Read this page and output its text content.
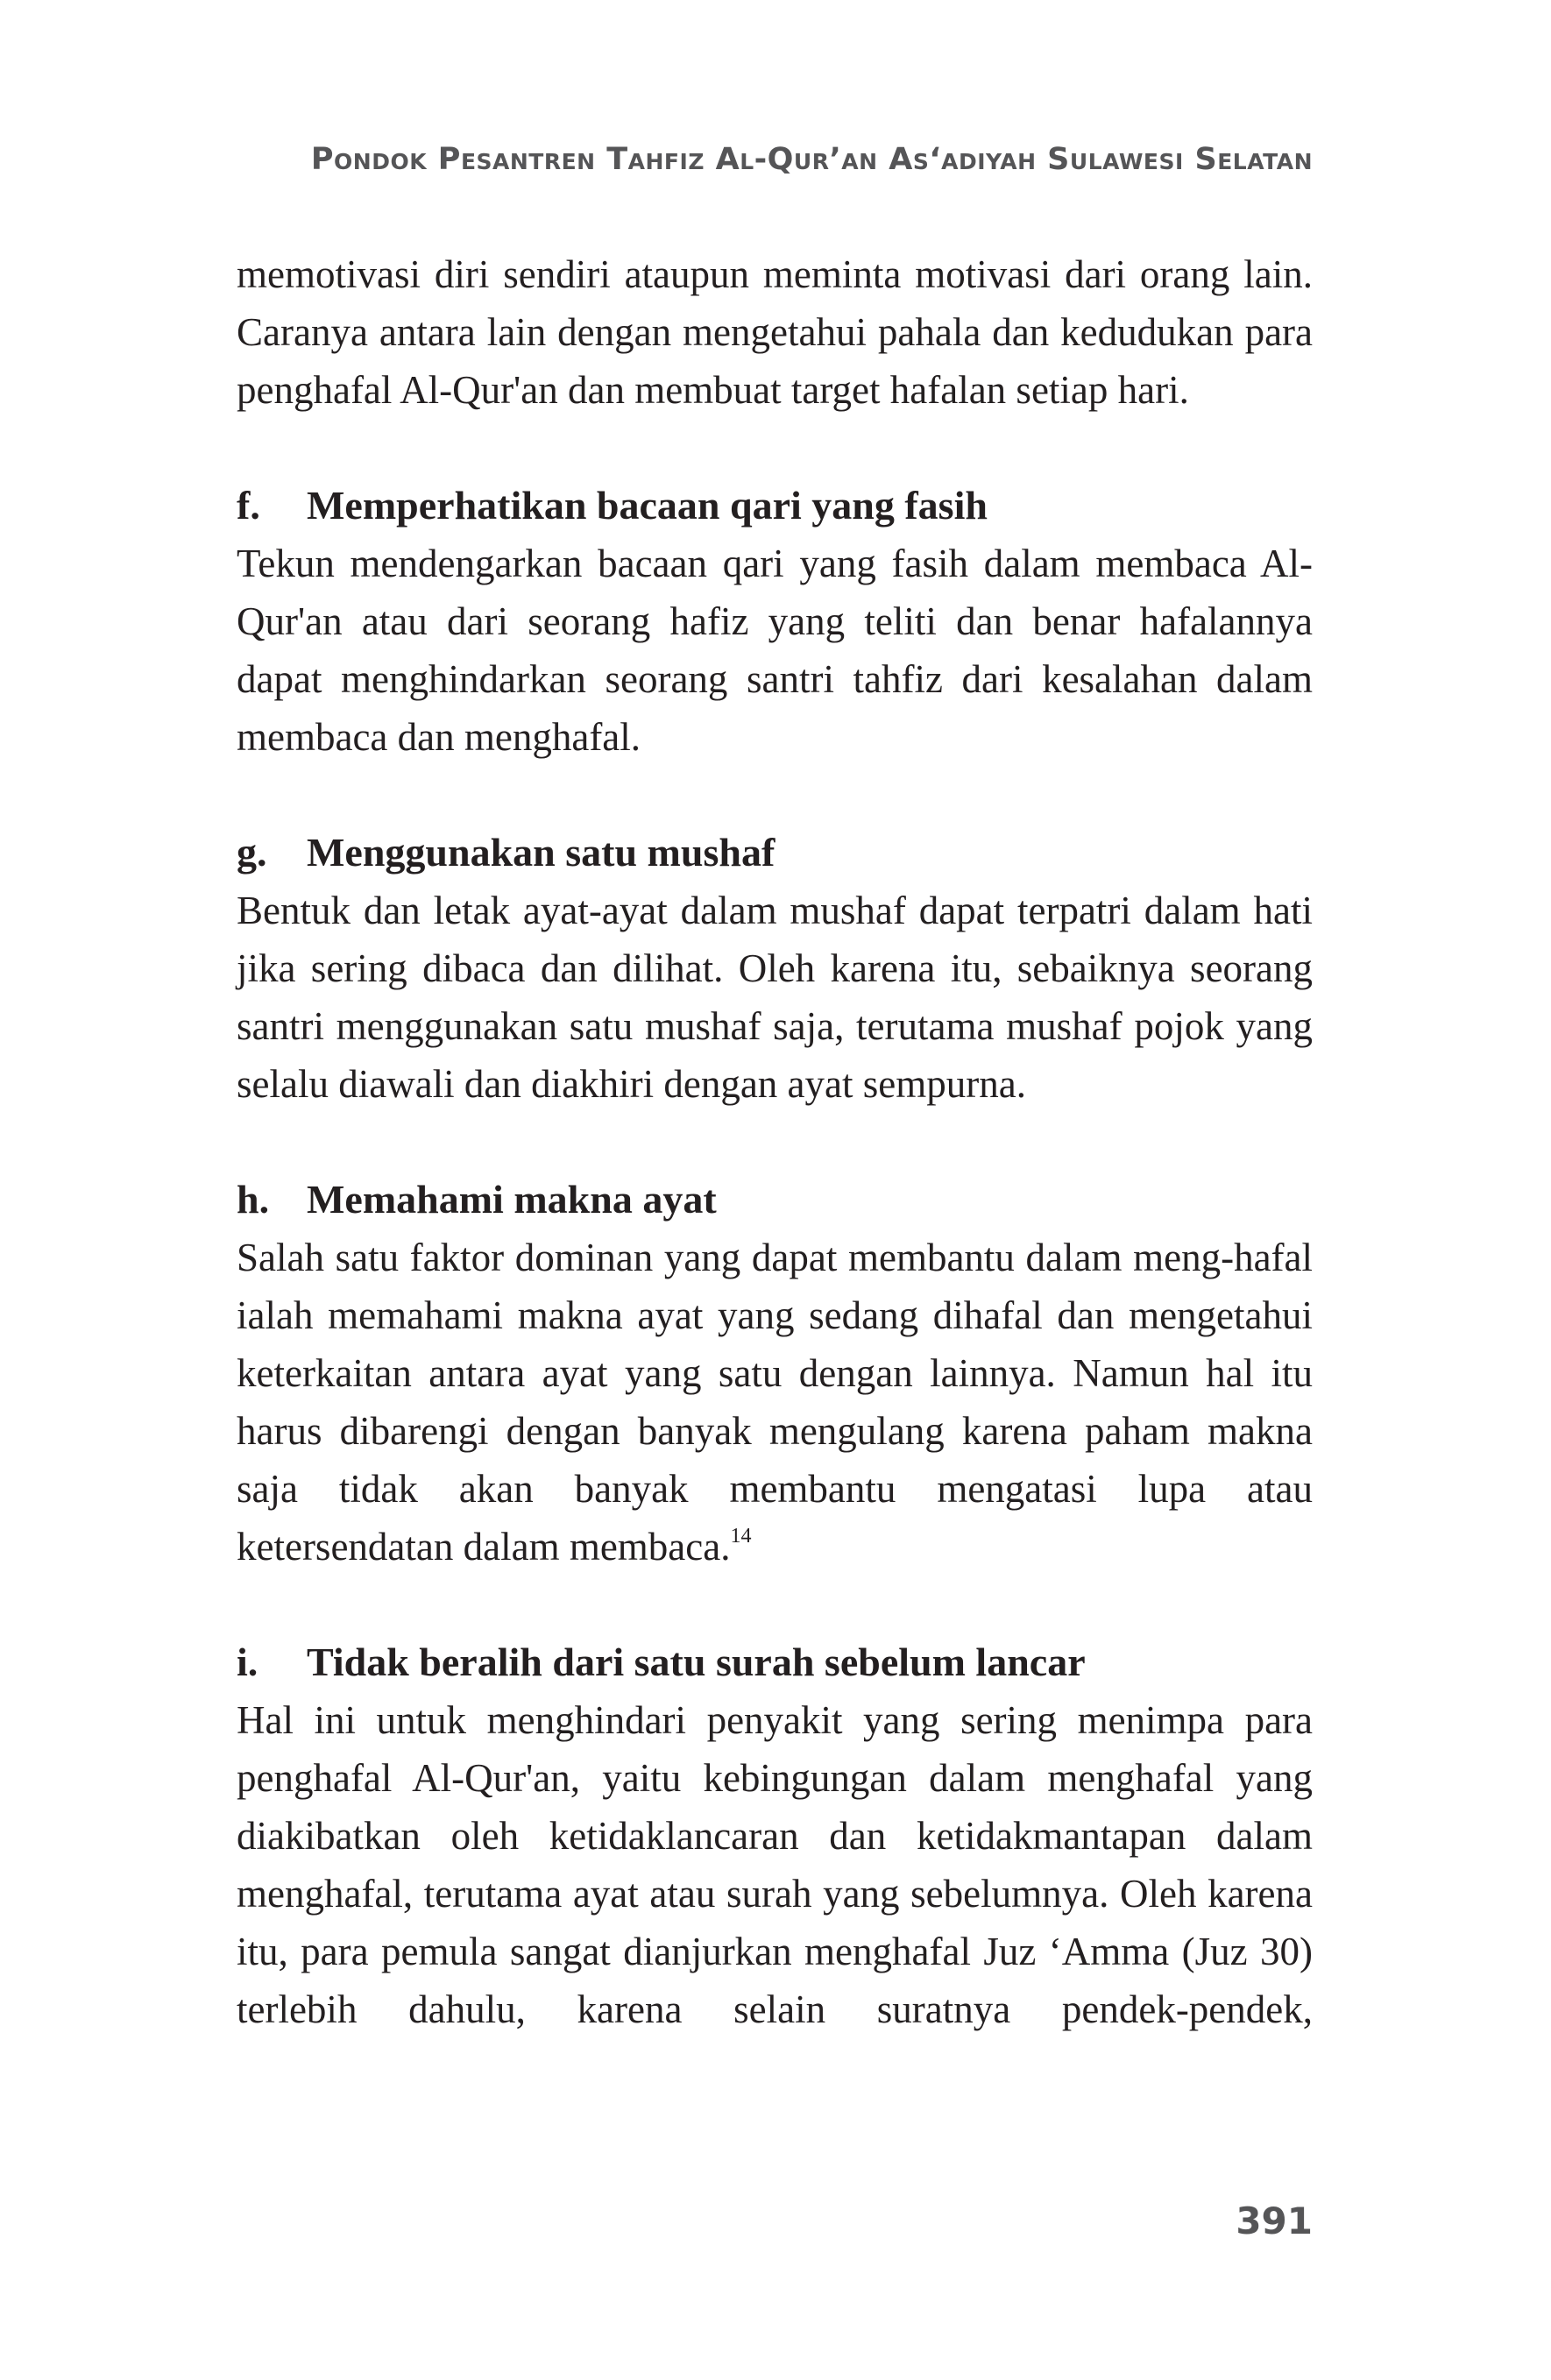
Pondok Pesantren Tahfiz Al-Qur’an As‘adiyah Sulawesi Selatan

memotivasi diri sendiri ataupun meminta motivasi dari orang lain. Caranya antara lain dengan mengetahui pahala dan kedudukan para penghafal Al-Qur'an dan membuat target hafalan setiap hari.

f.	Memperhatikan bacaan qari yang fasih

Tekun mendengarkan bacaan qari yang fasih dalam membaca Al-Qur'an atau dari seorang hafiz yang teliti dan benar hafalannya dapat menghindarkan seorang santri tahfiz dari kesalahan dalam membaca dan menghafal.

g. Menggunakan satu mushaf

Bentuk dan letak ayat-ayat dalam mushaf dapat terpatri dalam hati jika sering dibaca dan dilihat. Oleh karena itu, sebaiknya seorang santri menggunakan satu mushaf saja, terutama mushaf pojok yang selalu diawali dan diakhiri dengan ayat sempurna.

h. Memahami makna ayat

Salah satu faktor dominan yang dapat membantu dalam meng-hafal ialah memahami makna ayat yang sedang dihafal dan mengetahui keterkaitan antara ayat yang satu dengan lainnya. Namun hal itu harus dibarengi dengan banyak mengulang karena paham makna saja tidak akan banyak membantu mengatasi lupa atau ketersendatan dalam membaca.$^{14}$

i.	Tidak beralih dari satu surah sebelum lancar

Hal ini untuk menghindari penyakit yang sering menimpa para penghafal Al-Qur'an, yaitu kebingungan dalam menghafal yang diakibatkan oleh ketidaklancaran dan ketidakmantapan dalam menghafal, terutama ayat atau surah yang sebelumnya. Oleh karena itu, para pemula sangat dianjurkan menghafal Juz ‘Amma (Juz 30) terlebih dahulu, karena selain suratnya pendek-pendek,

391
